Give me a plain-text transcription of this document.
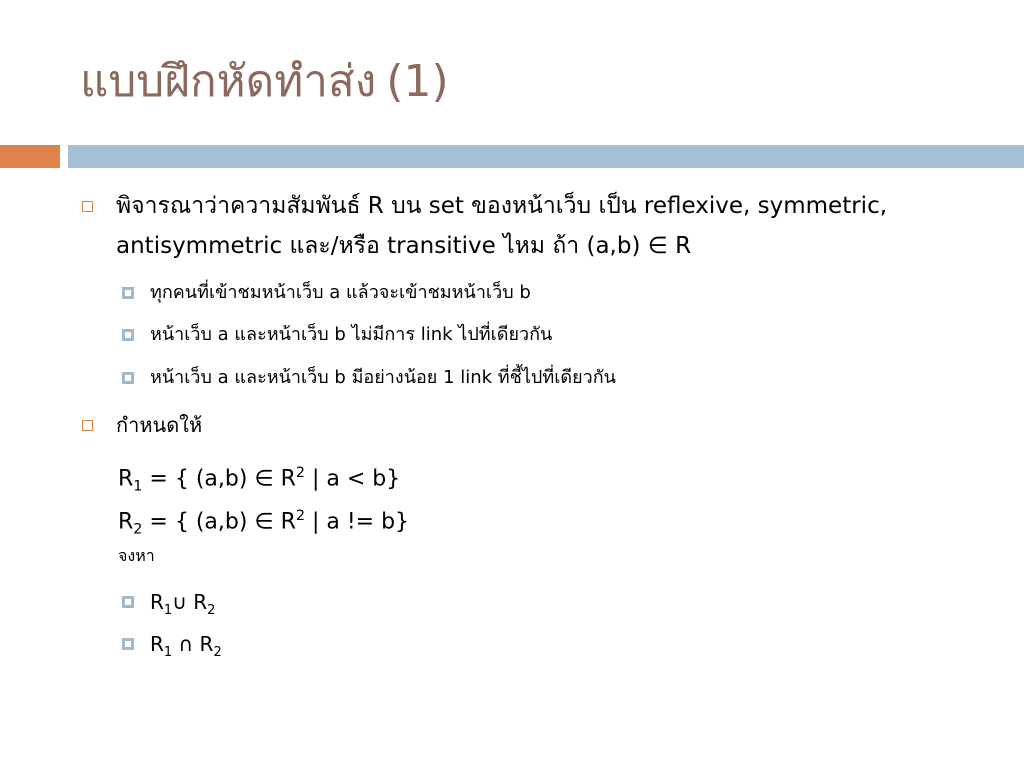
แบบฝึกหัดทำส่ง (1)
พิจารณาว่าความสัมพันธ์ R บน set ของหน้าเว็บ เป็น reflexive, symmetric,
antisymmetric และ/หรือ transitive ไหม ถ้า (a,b) ∈ R
ทุกคนที่เข้าชมหน้าเว็บ a แล้วจะเข้าชมหน้าเว็บ b
หน้าเว็บ a และหน้าเว็บ b ไม่มีการ link ไปที่เดียวกัน
หน้าเว็บ a และหน้าเว็บ b มีอย่างน้อย 1 link ที่ชี้ไปที่เดียวกัน
กำหนดให้
$R_1$ = { (a,b) ∈ $R^2$ | a < b}
$R_2$ = { (a,b) ∈ $R^2$ | a != b}
จงหา
$R_1\cup$ $R_2$
$R_1$ ∩ $R_2$
